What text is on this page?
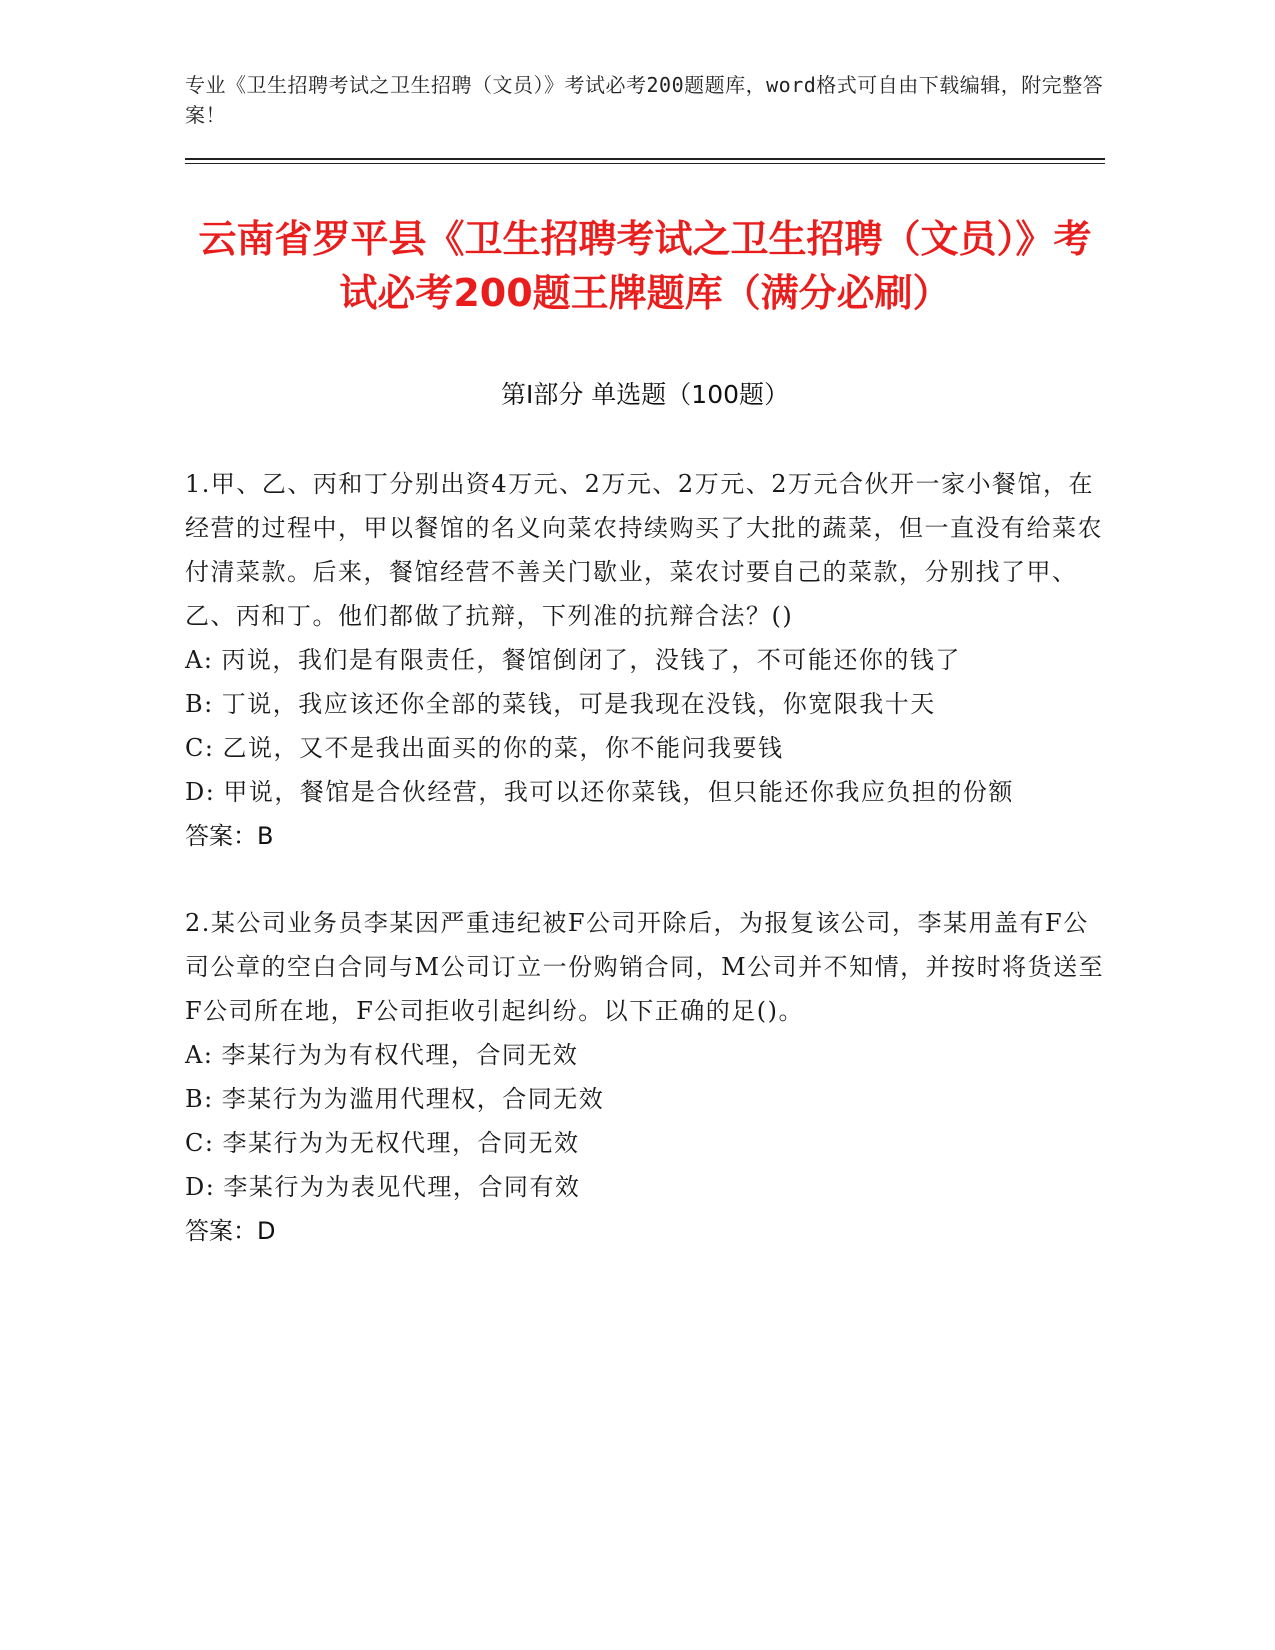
专业《卫生招聘考试之卫生招聘（文员）》考试必考200题题库，word格式可自由下载编辑，附完整答案！
云南省罗平县《卫生招聘考试之卫生招聘（文员）》考试必考200题王牌题库（满分必刷）
第I部分 单选题（100题）
1.甲、乙、丙和丁分别出资4万元、2万元、2万元、2万元合伙开一家小餐馆，在经营的过程中，甲以餐馆的名义向菜农持续购买了大批的蔬菜，但一直没有给菜农付清菜款。后来，餐馆经营不善关门歇业，菜农讨要自己的菜款，分别找了甲、乙、丙和丁。他们都做了抗辩，下列准的抗辩合法？()
A: 丙说，我们是有限责任，餐馆倒闭了，没钱了，不可能还你的钱了
B: 丁说，我应该还你全部的菜钱，可是我现在没钱，你宽限我十天
C: 乙说，又不是我出面买的你的菜，你不能问我要钱
D: 甲说，餐馆是合伙经营，我可以还你菜钱，但只能还你我应负担的份额
答案：B
2.某公司业务员李某因严重违纪被F公司开除后，为报复该公司，李某用盖有F公司公章的空白合同与M公司订立一份购销合同，M公司并不知情，并按时将货送至F公司所在地，F公司拒收引起纠纷。以下正确的足()。
A: 李某行为为有权代理，合同无效
B: 李某行为为滥用代理权，合同无效
C: 李某行为为无权代理，合同无效
D: 李某行为为表见代理，合同有效
答案：D
